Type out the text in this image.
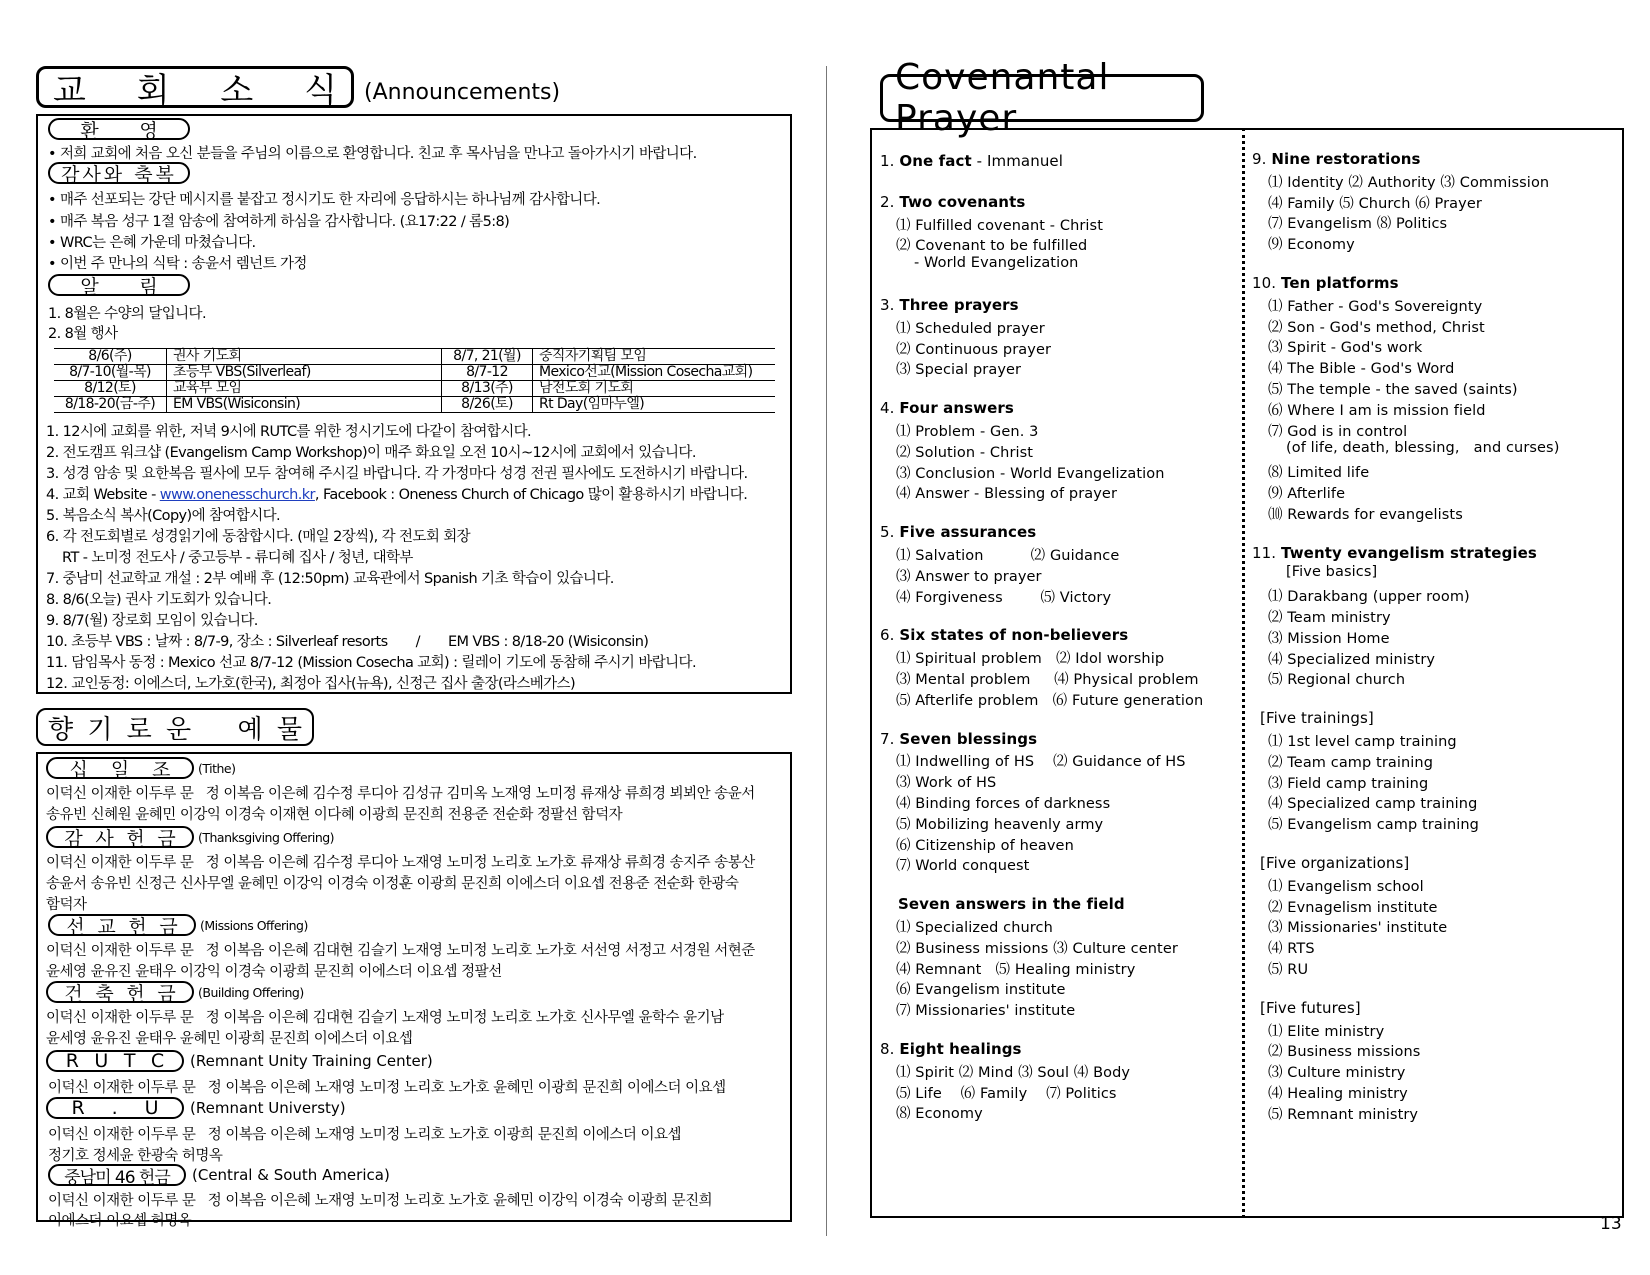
교 회 소 식 (Announcements)
환 영
• 저희 교회에 처음 오신 분들을 주님의 이름으로 환영합니다. 친교 후 목사님을 만나고 돌아가시기 바랍니다.
감사와 축복
• 매주 선포되는 강단 메시지를 붙잡고 정시기도 한 자리에 응답하시는 하나님께 감사합니다.
• 매주 복음 성구 1절 암송에 참여하게 하심을 감사합니다. (요17:22 / 롬5:8)
• WRC는 은혜 가운데 마쳤습니다.
• 이번 주 만나의 식탁 : 송윤서 렘넌트 가정
알 림
1. 8월은 수양의 달입니다.
2. 8월 행사
8/6(주)	권사 기도회	8/7, 21(월)	중직자기획팀 모임
8/7-10(월-목)	초등부 VBS(Silverleaf)	8/7-12	Mexico선교(Mission Cosecha교회)
8/12(토)	교육부 모임	8/13(주)	남전도회 기도회
8/18-20(금-주)	EM VBS(Wisiconsin)	8/26(토)	Rt Day(임마누엘)
1. 12시에 교회를 위한, 저녁 9시에 RUTC를 위한 정시기도에 다같이 참여합시다.
2. 전도캠프 워크샵 (Evangelism Camp Workshop)이 매주 화요일 오전 10시~12시에 교회에서 있습니다.
3. 성경 암송 및 요한복음 필사에 모두 참여해 주시길 바랍니다. 각 가정마다 성경 전권 필사에도 도전하시기 바랍니다.
4. 교회 Website - www.onenesschurch.kr, Facebook : Oneness Church of Chicago 많이 활용하시기 바랍니다.
5. 복음소식 복사(Copy)에 참여합시다.
6. 각 전도회별로 성경읽기에 동참합시다. (매일 2장씩), 각 전도회 회장
RT - 노미정 전도사 / 중고등부 - 류디혜 집사 / 청년, 대학부
7. 중남미 선교학교 개설 : 2부 예배 후 (12:50pm) 교육관에서 Spanish 기초 학습이 있습니다.
8. 8/6(오늘) 권사 기도회가 있습니다.
9. 8/7(월) 장로회 모임이 있습니다.
10. 초등부 VBS : 날짜 : 8/7-9, 장소 : Silverleaf resorts       /       EM VBS : 8/18-20 (Wisiconsin)
11. 담임목사 동정 : Mexico 선교 8/7-12 (Mission Cosecha 교회) : 릴레이 기도에 동참해 주시기 바랍니다.
12. 교인동정: 이에스더, 노가호(한국), 최정아 집사(뉴욕), 신정근 집사 출장(라스베가스)
향 기 로 운 예 물
십 일 조 (Tithe)
이덕신 이재한 이두루 문   정 이복음 이은혜 김수정 루디아 김성규 김미옥 노재영 노미정 류재상 류희경 뵈뵈안 송윤서
송유빈 신혜원 윤혜민 이강익 이경숙 이재현 이다혜 이광희 문진희 전용준 전순화 정팔선 함덕자
감 사 헌 금 (Thanksgiving Offering)
이덕신 이재한 이두루 문   정 이복음 이은혜 김수정 루디아 노재영 노미정 노리호 노가호 류재상 류희경 송지주 송봉산
송윤서 송유빈 신정근 신사무엘 윤혜민 이강익 이경숙 이정훈 이광희 문진희 이에스더 이요셉 전용준 전순화 한광숙
함덕자
선 교 헌 금 (Missions Offering)
이덕신 이재한 이두루 문   정 이복음 이은혜 김대현 김슬기 노재영 노미정 노리호 노가호 서선영 서정고 서경원 서현준
윤세영 윤유진 윤태우 이강익 이경숙 이광희 문진희 이에스더 이요셉 정팔선
건 축 헌 금 (Building Offering)
이덕신 이재한 이두루 문   정 이복음 이은혜 김대현 김슬기 노재영 노미정 노리호 노가호 신사무엘 윤학수 윤기남
윤세영 윤유진 윤태우 윤혜민 이광희 문진희 이에스더 이요셉
R U T C (Remnant Unity Training Center)
이덕신 이재한 이두루 문   정 이복음 이은혜 노재영 노미정 노리호 노가호 윤혜민 이광희 문진희 이에스더 이요셉
R . U (Remnant Universty)
이덕신 이재한 이두루 문   정 이복음 이은혜 노재영 노미정 노리호 노가호 이광희 문진희 이에스더 이요셉
정기호 정세윤 한광숙 허명옥
중남미 46 헌금 (Central & South America)
이덕신 이재한 이두루 문   정 이복음 이은혜 노재영 노미정 노리호 노가호 윤혜민 이강익 이경숙 이광희 문진희
이에스더 이요셉 허명옥
Covenantal Prayer
1. One fact - Immanuel
2. Two covenants
⑴ Fulfilled covenant - Christ
⑵ Covenant to be fulfilled
- World Evangelization
3. Three prayers
⑴ Scheduled prayer
⑵ Continuous prayer
⑶ Special prayer
4. Four answers
⑴ Problem - Gen. 3
⑵ Solution - Christ
⑶ Conclusion - World Evangelization
⑷ Answer - Blessing of prayer
5. Five assurances
⑴ Salvation          ⑵ Guidance
⑶ Answer to prayer
⑷ Forgiveness        ⑸ Victory
6. Six states of non-believers
⑴ Spiritual problem   ⑵ Idol worship
⑶ Mental problem     ⑷ Physical problem
⑸ Afterlife problem   ⑹ Future generation
7. Seven blessings
⑴ Indwelling of HS    ⑵ Guidance of HS
⑶ Work of HS
⑷ Binding forces of darkness
⑸ Mobilizing heavenly army
⑹ Citizenship of heaven
⑺ World conquest
Seven answers in the field
⑴ Specialized church
⑵ Business missions ⑶ Culture center
⑷ Remnant   ⑸ Healing ministry
⑹ Evangelism institute
⑺ Missionaries' institute
8. Eight healings
⑴ Spirit ⑵ Mind ⑶ Soul ⑷ Body
⑸ Life    ⑹ Family    ⑺ Politics
⑻ Economy
9. Nine restorations
⑴ Identity ⑵ Authority ⑶ Commission
⑷ Family ⑸ Church ⑹ Prayer
⑺ Evangelism ⑻ Politics
⑼ Economy
10. Ten platforms
⑴ Father - God's Sovereignty
⑵ Son - God's method, Christ
⑶ Spirit - God's work
⑷ The Bible - God's Word
⑸ The temple - the saved (saints)
⑹ Where I am is mission field
⑺ God is in control
(of life, death, blessing,   and curses)
⑻ Limited life
⑼ Afterlife
⑽ Rewards for evangelists
11. Twenty evangelism strategies
[Five basics]
⑴ Darakbang (upper room)
⑵ Team ministry
⑶ Mission Home
⑷ Specialized ministry
⑸ Regional church
[Five trainings]
⑴ 1st level camp training
⑵ Team camp training
⑶ Field camp training
⑷ Specialized camp training
⑸ Evangelism camp training
[Five organizations]
⑴ Evangelism school
⑵ Evnagelism institute
⑶ Missionaries' institute
⑷ RTS
⑸ RU
[Five futures]
⑴ Elite ministry
⑵ Business missions
⑶ Culture ministry
⑷ Healing ministry
⑸ Remnant ministry
13
